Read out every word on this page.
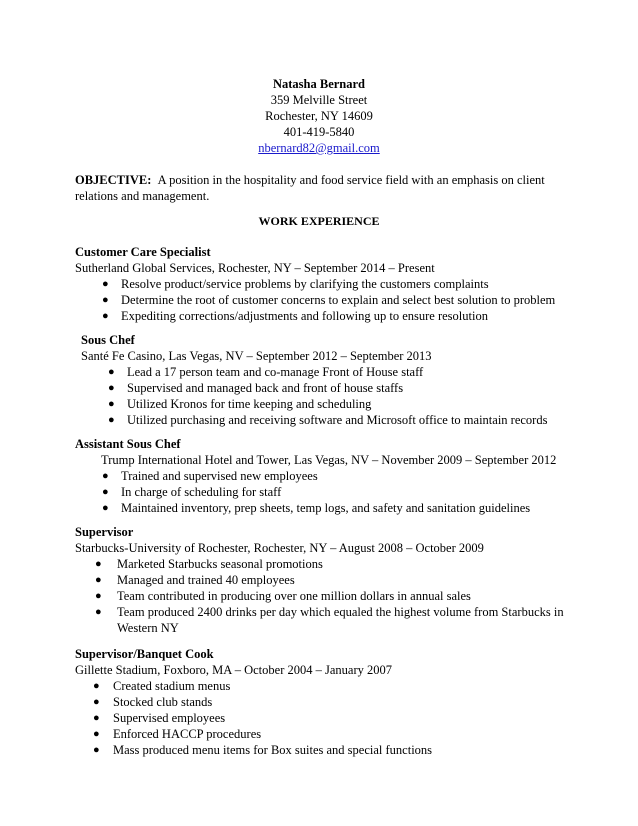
Natasha Bernard
359 Melville Street
Rochester, NY 14609
401-419-5840
nbernard82@gmail.com
OBJECTIVE: A position in the hospitality and food service field with an emphasis on client relations and management.
WORK EXPERIENCE
Customer Care Specialist
Sutherland Global Services, Rochester, NY – September 2014 – Present
● Resolve product/service problems by clarifying the customers complaints
● Determine the root of customer concerns to explain and select best solution to problem
● Expediting corrections/adjustments and following up to ensure resolution
Sous Chef
Santé Fe Casino, Las Vegas, NV – September 2012 – September 2013
● Lead a 17 person team and co-manage Front of House staff
● Supervised and managed back and front of house staffs
● Utilized Kronos for time keeping and scheduling
● Utilized purchasing and receiving software and Microsoft office to maintain records
Assistant Sous Chef
Trump International Hotel and Tower, Las Vegas, NV – November 2009 – September 2012
● Trained and supervised new employees
● In charge of scheduling for staff
● Maintained inventory, prep sheets, temp logs, and safety and sanitation guidelines
Supervisor
Starbucks-University of Rochester, Rochester, NY – August 2008 – October 2009
● Marketed Starbucks seasonal promotions
● Managed and trained 40 employees
● Team contributed in producing over one million dollars in annual sales
● Team produced 2400 drinks per day which equaled the highest volume from Starbucks in Western NY
Supervisor/Banquet Cook
Gillette Stadium, Foxboro, MA – October 2004 – January 2007
● Created stadium menus
● Stocked club stands
● Supervised employees
● Enforced HACCP procedures
● Mass produced menu items for Box suites and special functions
